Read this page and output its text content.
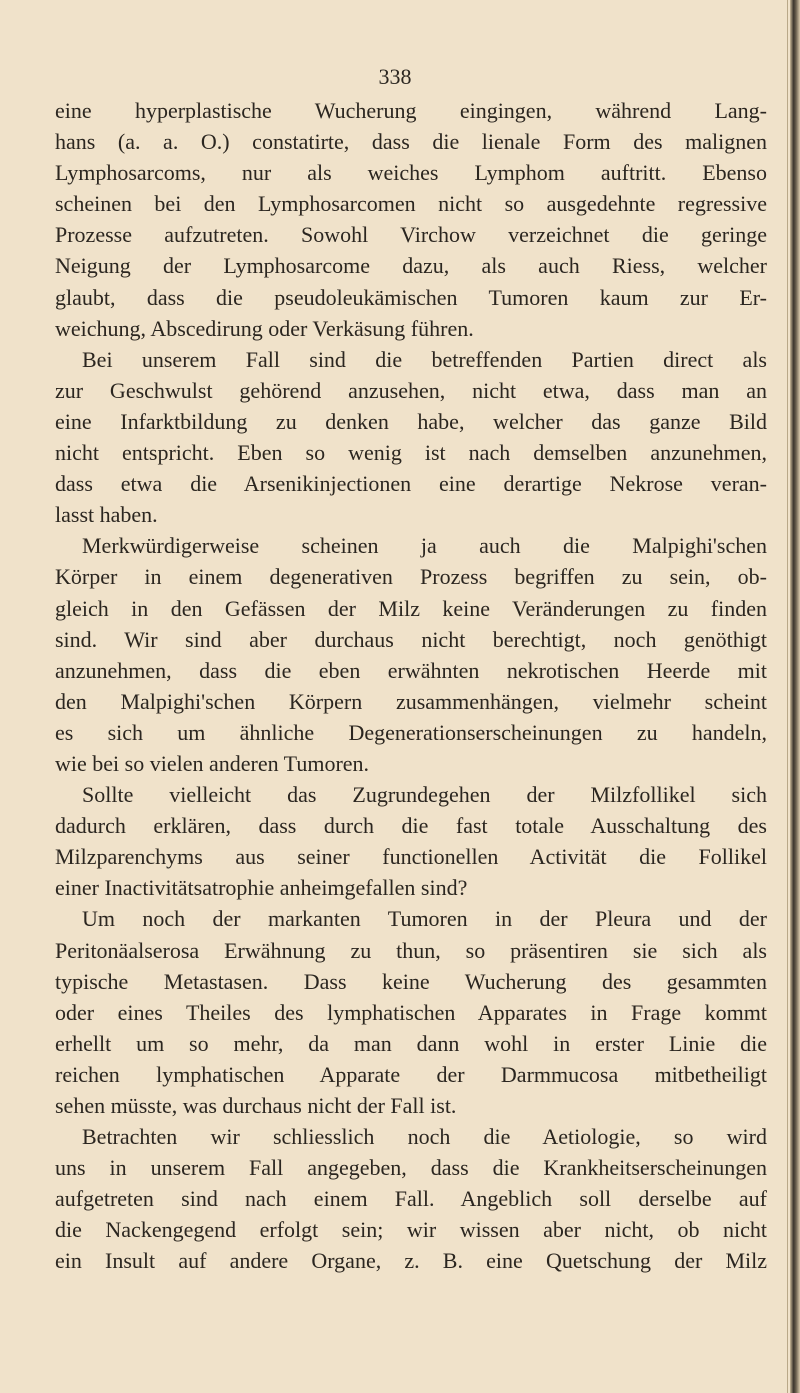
338
eine hyperplastische Wucherung eingingen, während Lang-
hans (a. a. O.) constatirte, dass die lienale Form des malignen
Lymphosarcoms, nur als weiches Lymphom auftritt. Ebenso
scheinen bei den Lymphosarcomen nicht so ausgedehnte regressive
Prozesse aufzutreten. Sowohl Virchow verzeichnet die geringe
Neigung der Lymphosarcome dazu, als auch Riess, welcher
glaubt, dass die pseudoleukämischen Tumoren kaum zur Er-
weichung, Abscedirung oder Verkäsung führen.
Bei unserem Fall sind die betreffenden Partien direct als
zur Geschwulst gehörend anzusehen, nicht etwa, dass man an
eine Infarktbildung zu denken habe, welcher das ganze Bild
nicht entspricht. Eben so wenig ist nach demselben anzunehmen,
dass etwa die Arsenikinjectionen eine derartige Nekrose veran-
lasst haben.
Merkwürdigerweise scheinen ja auch die Malpighi'schen
Körper in einem degenerativen Prozess begriffen zu sein, ob-
gleich in den Gefässen der Milz keine Veränderungen zu finden
sind. Wir sind aber durchaus nicht berechtigt, noch genöthigt
anzunehmen, dass die eben erwähnten nekrotischen Heerde mit
den Malpighi'schen Körpern zusammenhängen, vielmehr scheint
es sich um ähnliche Degenerationserscheinungen zu handeln,
wie bei so vielen anderen Tumoren.
Sollte vielleicht das Zugrundegehen der Milzfollikel sich
dadurch erklären, dass durch die fast totale Ausschaltung des
Milzparenchyms aus seiner functionellen Activität die Follikel
einer Inactivitätsatrophie anheimgefallen sind?
Um noch der markanten Tumoren in der Pleura und der
Peritonäalserosa Erwähnung zu thun, so präsentiren sie sich als
typische Metastasen. Dass keine Wucherung des gesammten
oder eines Theiles des lymphatischen Apparates in Frage kommt
erhellt um so mehr, da man dann wohl in erster Linie die
reichen lymphatischen Apparate der Darmmucosa mitbetheiligt
sehen müsste, was durchaus nicht der Fall ist.
Betrachten wir schliesslich noch die Aetiologie, so wird
uns in unserem Fall angegeben, dass die Krankheitserscheinungen
aufgetreten sind nach einem Fall. Angeblich soll derselbe auf
die Nackengegend erfolgt sein; wir wissen aber nicht, ob nicht
ein Insult auf andere Organe, z. B. eine Quetschung der Milz
